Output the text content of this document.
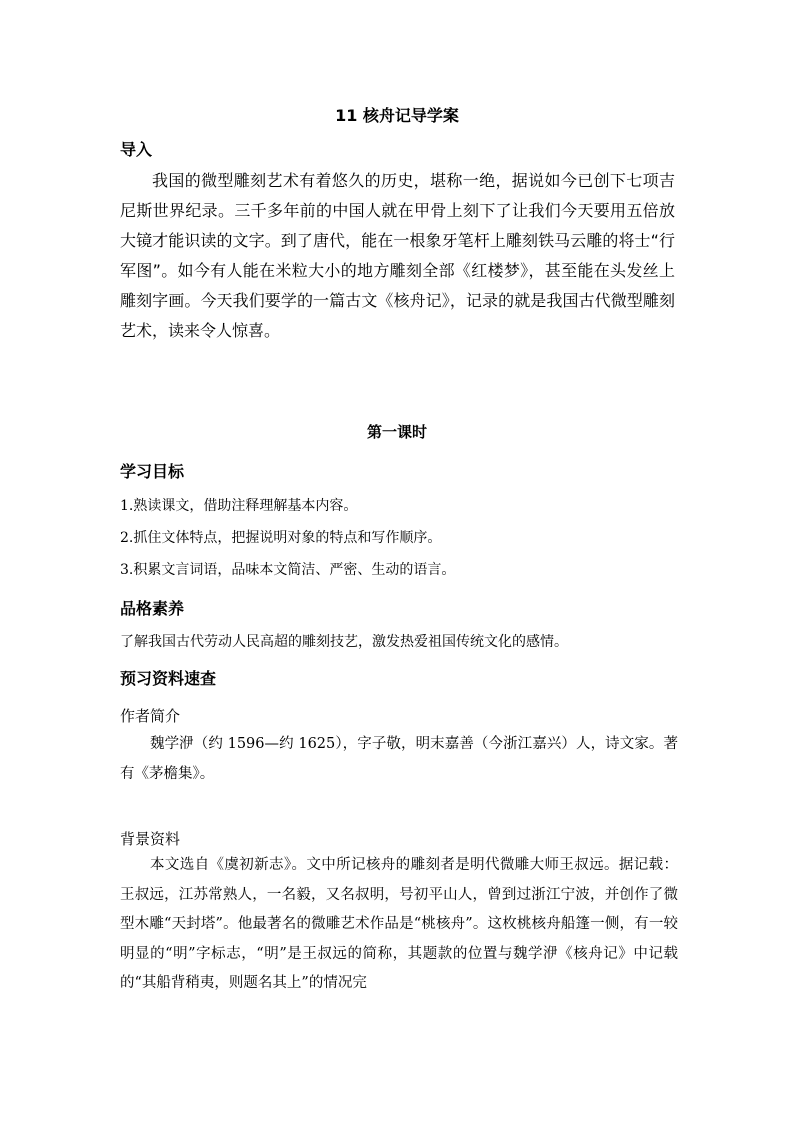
11 核舟记导学案
导入

我国的微型雕刻艺术有着悠久的历史，堪称一绝，据说如今已创下七项吉尼斯世界纪录。三千多年前的中国人就在甲骨上刻下了让我们今天要用五倍放大镜才能识读的文字。到了唐代，能在一根象牙笔杆上雕刻铁马云雕的将士“行军图”。如今有人能在米粒大小的地方雕刻全部《红楼梦》，甚至能在头发丝上雕刻字画。今天我们要学的一篇古文《核舟记》，记录的就是我国古代微型雕刻艺术，读来令人惊喜。

第一课时
学习目标
1.熟读课文，借助注释理解基本内容。
2.抓住文体特点，把握说明对象的特点和写作顺序。
3.积累文言词语，品味本文简洁、严密、生动的语言。
品格素养
了解我国古代劳动人民高超的雕刻技艺，激发热爱祖国传统文化的感情。
预习资料速查
作者简介

魏学洢（约 1596—约 1625），字子敬，明末嘉善（今浙江嘉兴）人，诗文家。著有《茅檐集》。

背景资料

本文选自《虞初新志》。文中所记核舟的雕刻者是明代微雕大师王叔远。据记载：王叔远，江苏常熟人，一名毅，又名叔明，号初平山人，曾到过浙江宁波，并创作了微型木雕“天封塔”。他最著名的微雕艺术作品是“桃核舟”。这枚桃核舟船篷一侧，有一较明显的“明”字标志，“明”是王叔远的简称，其题款的位置与魏学洢《核舟记》中记载的“其船背稍夷，则题名其上”的情况完
